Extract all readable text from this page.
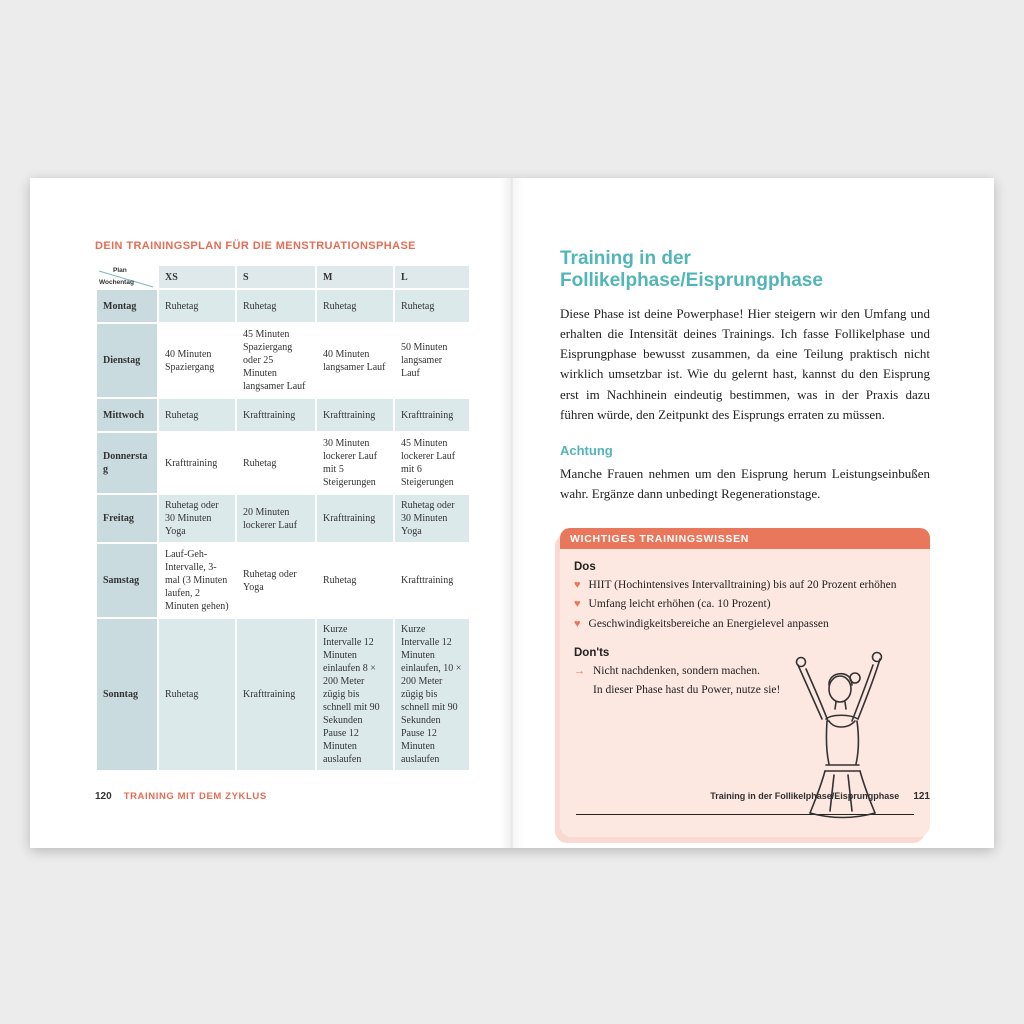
DEIN TRAININGSPLAN FÜR DIE MENSTRUATIONSPHASE
Plan
Wochentag	XS	S	M	L
Montag	Ruhetag	Ruhetag	Ruhetag	Ruhetag
Dienstag	40 Minuten Spaziergang	45 Minuten Spaziergang oder 25 Minuten langsamer Lauf	40 Minuten langsamer Lauf	50 Minuten langsamer Lauf
Mittwoch	Ruhetag	Krafttraining	Krafttraining	Krafttraining
Donnerstag	Krafttraining	Ruhetag	30 Minuten lockerer Lauf mit 5 Steigerungen	45 Minuten lockerer Lauf mit 6 Steigerungen
Freitag	Ruhetag oder 30 Minuten Yoga	20 Minuten lockerer Lauf	Krafttraining	Ruhetag oder 30 Minuten Yoga
Samstag	Lauf-Geh-Intervalle, 3-mal (3 Minuten laufen, 2 Minuten gehen)	Ruhetag oder Yoga	Ruhetag	Krafttraining
Sonntag	Ruhetag	Krafttraining	Kurze Intervalle 12 Minuten einlaufen 8 × 200 Meter zügig bis schnell mit 90 Sekunden Pause 12 Minuten auslaufen	Kurze Intervalle 12 Minuten einlaufen, 10 × 200 Meter zügig bis schnell mit 90 Sekunden Pause 12 Minuten auslaufen
120 TRAINING MIT DEM ZYKLUS
Training in der Follikelphase/Eisprungphase

Diese Phase ist deine Powerphase! Hier steigern wir den Umfang und erhalten die Intensität deines Trainings. Ich fasse Follikelphase und Eisprungphase bewusst zusammen, da eine Teilung praktisch nicht wirklich umsetzbar ist. Wie du gelernt hast, kannst du den Eisprung erst im Nachhinein eindeutig bestimmen, was in der Praxis dazu führen würde, den Zeitpunkt des Eisprungs erraten zu müssen.

Achtung

Manche Frauen nehmen um den Eisprung herum Leistungseinbußen wahr. Ergänze dann unbedingt Regenerationstage.

WICHTIGES TRAININGSWISSEN
Dos
♥ HIIT (Hochintensives Intervalltraining) bis auf 20 Prozent erhöhen
♥ Umfang leicht erhöhen (ca. 10 Prozent)
♥ Geschwindigkeitsbereiche an Energielevel anpassen
Don'ts
→ Nicht nachdenken, sondern machen.
In dieser Phase hast du Power, nutze sie!
Training in der Follikelphase/Eisprungphase 121
